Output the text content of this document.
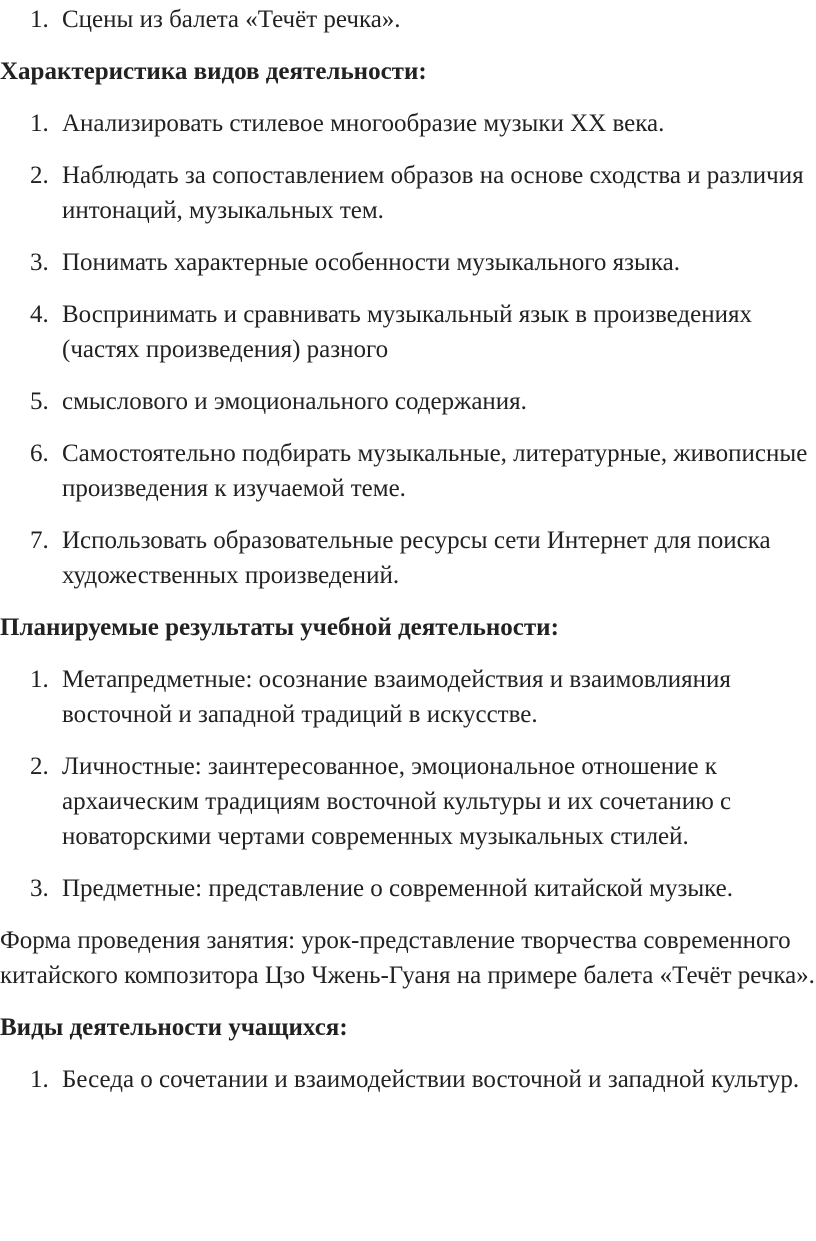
1. Сцены из балета «Течёт речка».
Характеристика видов деятельности:
1. Анализировать стилевое многообразие музыки ХХ века.
2. Наблюдать за сопоставлением образов на основе сходства и различия интонаций, музыкальных тем.
3. Понимать характерные особенности музыкального языка.
4. Воспринимать и сравнивать музыкальный язык в произведениях (частях произведения) разного
5. смыслового и эмоционального содержания.
6. Самостоятельно подбирать музыкальные, литературные, живописные произведения к изучаемой теме.
7. Использовать образовательные ресурсы сети Интернет для поиска художественных произведений.
Планируемые результаты учебной деятельности:
1. Метапредметные: осознание взаимодействия и взаимовлияния восточной и западной традиций в искусстве.
2. Личностные: заинтересованное, эмоциональное отношение к архаическим традициям восточной культуры и их сочетанию с новаторскими чертами современных музыкальных стилей.
3. Предметные: представление о современной китайской музыке.
Форма проведения занятия: урок-представление творчества современного китайского композитора Цзо Чжень-Гуаня на примере балета «Течёт речка».
Виды деятельности учащихся:
1. Беседа о сочетании и взаимодействии восточной и западной культур.
